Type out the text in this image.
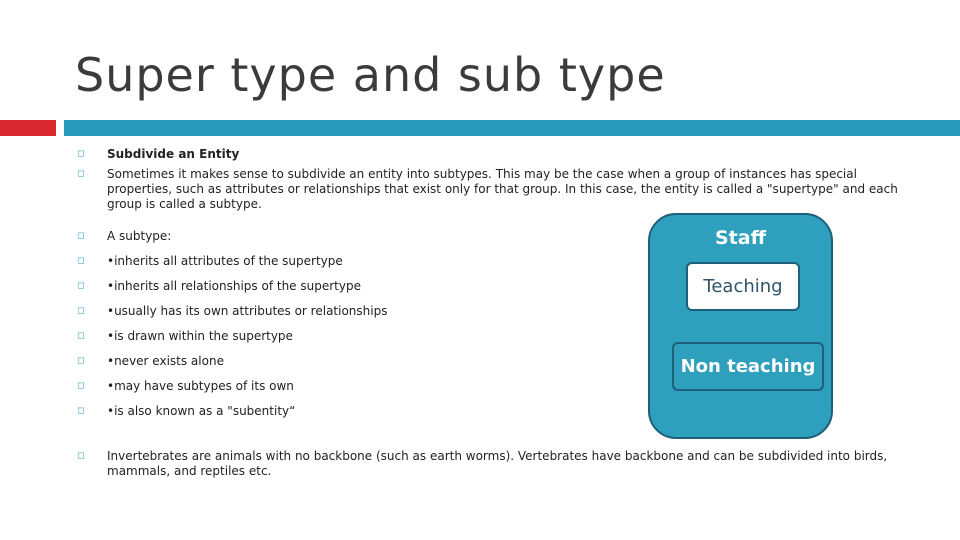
Super type and sub type
◻ Subdivide an Entity
◻ Sometimes it makes sense to subdivide an entity into subtypes. This may be the case when a group of instances has special properties, such as attributes or relationships that exist only for that group. In this case, the entity is called a "supertype" and each group is called a subtype.
◻ A subtype:
◻ •inherits all attributes of the supertype
◻ •inherits all relationships of the supertype
◻ •usually has its own attributes or relationships
◻ •is drawn within the supertype
◻ •never exists alone
◻ •may have subtypes of its own
◻ •is also known as a "subentity“
◻ Invertebrates are animals with no backbone (such as earth worms). Vertebrates have backbone and can be subdivided into birds, mammals, and reptiles etc.
Staff
Teaching
Non teaching
